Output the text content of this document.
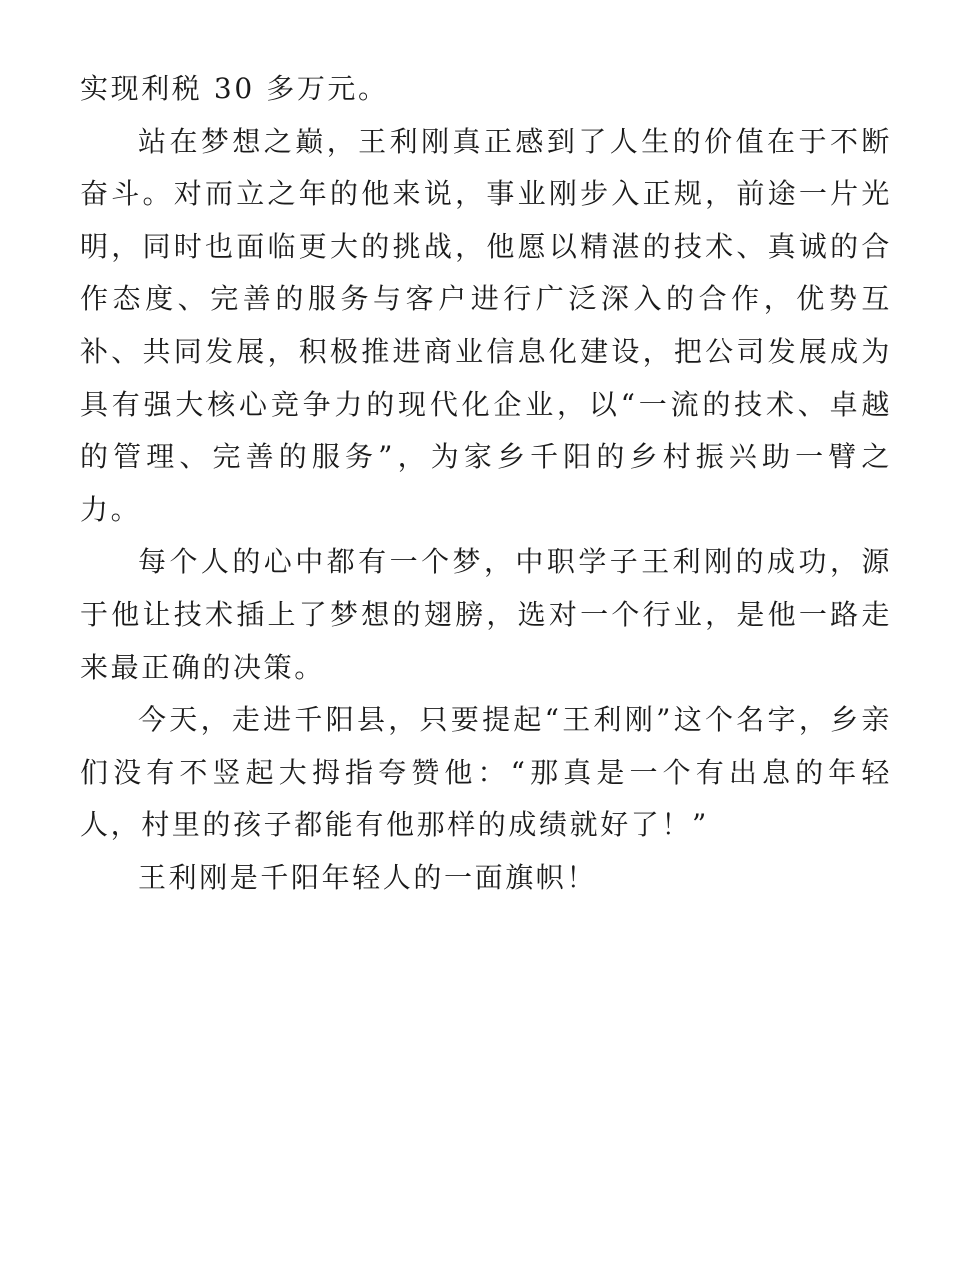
实现利税 30 多万元。

站在梦想之巅，王利刚真正感到了人生的价值在于不断奋斗。对而立之年的他来说，事业刚步入正规，前途一片光明，同时也面临更大的挑战，他愿以精湛的技术、真诚的合作态度、完善的服务与客户进行广泛深入的合作，优势互补、共同发展，积极推进商业信息化建设，把公司发展成为具有强大核心竞争力的现代化企业，以“一流的技术、卓越的管理、完善的服务”，为家乡千阳的乡村振兴助一臂之力。

每个人的心中都有一个梦，中职学子王利刚的成功，源于他让技术插上了梦想的翅膀，选对一个行业，是他一路走来最正确的决策。

今天，走进千阳县，只要提起“王利刚”这个名字，乡亲们没有不竖起大拇指夸赞他：“那真是一个有出息的年轻人，村里的孩子都能有他那样的成绩就好了！”

王利刚是千阳年轻人的一面旗帜！
